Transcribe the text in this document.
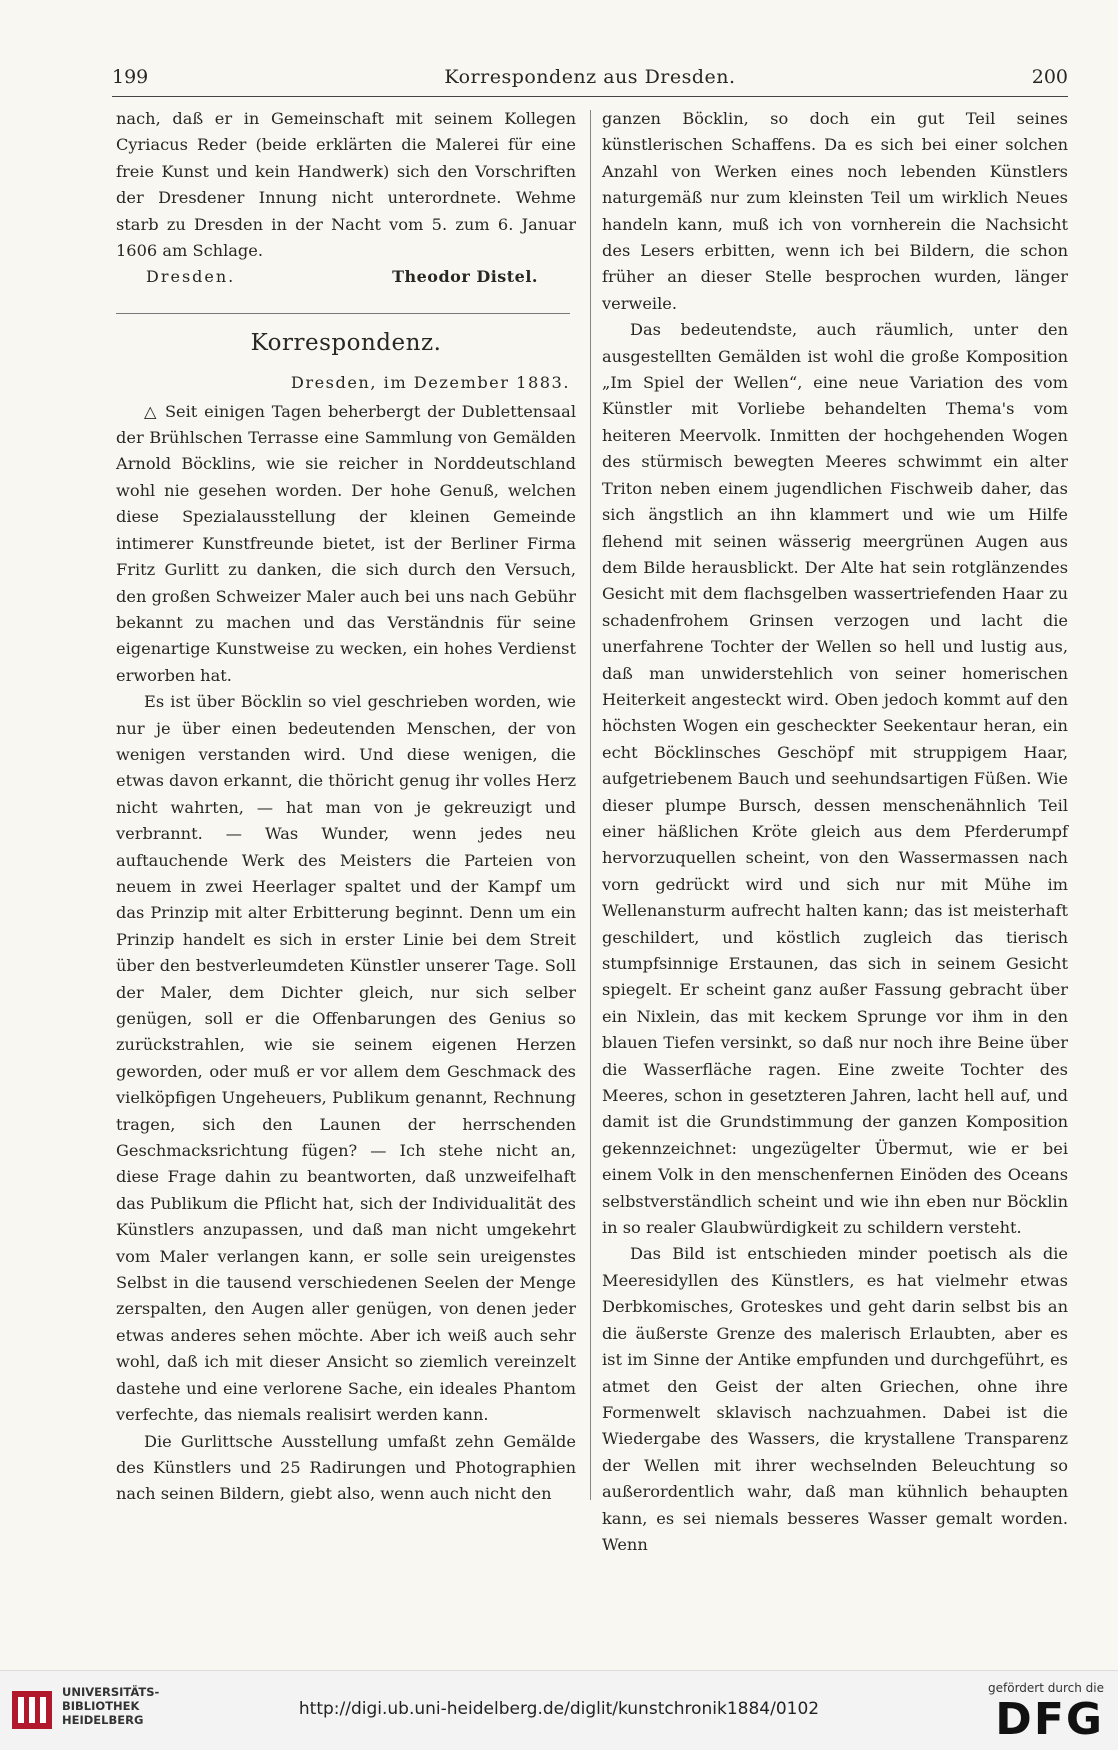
199	Korrespondenz aus Dresden.	200

nach, daß er in Gemeinschaft mit seinem Kollegen Cyriacus Reder (beide erklärten die Malerei für eine freie Kunst und kein Handwerk) sich den Vorschriften der Dresdener Innung nicht unterordnete. Wehme starb zu Dresden in der Nacht vom 5. zum 6. Januar 1606 am Schlage.

Dresden.	Theodor Distel.
Korrespondenz.
Dresden, im Dezember 1883.

△ Seit einigen Tagen beherbergt der Dublettensaal der Brühlschen Terrasse eine Sammlung von Gemälden Arnold Böcklins, wie sie reicher in Norddeutschland wohl nie gesehen worden. Der hohe Genuß, welchen diese Spezialausstellung der kleinen Gemeinde intimerer Kunstfreunde bietet, ist der Berliner Firma Fritz Gurlitt zu danken, die sich durch den Versuch, den großen Schweizer Maler auch bei uns nach Gebühr bekannt zu machen und das Verständnis für seine eigenartige Kunstweise zu wecken, ein hohes Verdienst erworben hat.

Es ist über Böcklin so viel geschrieben worden, wie nur je über einen bedeutenden Menschen, der von wenigen verstanden wird. Und diese wenigen, die etwas davon erkannt, die thöricht genug ihr volles Herz nicht wahrten, — hat man von je gekreuzigt und verbrannt. — Was Wunder, wenn jedes neu auftauchende Werk des Meisters die Parteien von neuem in zwei Heerlager spaltet und der Kampf um das Prinzip mit alter Erbitterung beginnt. Denn um ein Prinzip handelt es sich in erster Linie bei dem Streit über den bestverleumdeten Künstler unserer Tage. Soll der Maler, dem Dichter gleich, nur sich selber genügen, soll er die Offenbarungen des Genius so zurückstrahlen, wie sie seinem eigenen Herzen geworden, oder muß er vor allem dem Geschmack des vielköpfigen Ungeheuers, Publikum genannt, Rechnung tragen, sich den Launen der herrschenden Geschmacksrichtung fügen? — Ich stehe nicht an, diese Frage dahin zu beantworten, daß unzweifelhaft das Publikum die Pflicht hat, sich der Individualität des Künstlers anzupassen, und daß man nicht umgekehrt vom Maler verlangen kann, er solle sein ureigenstes Selbst in die tausend verschiedenen Seelen der Menge zerspalten, den Augen aller genügen, von denen jeder etwas anderes sehen möchte. Aber ich weiß auch sehr wohl, daß ich mit dieser Ansicht so ziemlich vereinzelt dastehe und eine verlorene Sache, ein ideales Phantom verfechte, das niemals realisirt werden kann.

Die Gurlittsche Ausstellung umfaßt zehn Gemälde des Künstlers und 25 Radirungen und Photographien nach seinen Bildern, giebt also, wenn auch nicht den

ganzen Böcklin, so doch ein gut Teil seines künstlerischen Schaffens. Da es sich bei einer solchen Anzahl von Werken eines noch lebenden Künstlers naturgemäß nur zum kleinsten Teil um wirklich Neues handeln kann, muß ich von vornherein die Nachsicht des Lesers erbitten, wenn ich bei Bildern, die schon früher an dieser Stelle besprochen wurden, länger verweile.

Das bedeutendste, auch räumlich, unter den ausgestellten Gemälden ist wohl die große Komposition „Im Spiel der Wellen“, eine neue Variation des vom Künstler mit Vorliebe behandelten Thema's vom heiteren Meervolk. Inmitten der hochgehenden Wogen des stürmisch bewegten Meeres schwimmt ein alter Triton neben einem jugendlichen Fischweib daher, das sich ängstlich an ihn klammert und wie um Hilfe flehend mit seinen wässerig meergrünen Augen aus dem Bilde herausblickt. Der Alte hat sein rotglänzendes Gesicht mit dem flachsgelben wassertriefenden Haar zu schadenfrohem Grinsen verzogen und lacht die unerfahrene Tochter der Wellen so hell und lustig aus, daß man unwiderstehlich von seiner homerischen Heiterkeit angesteckt wird. Oben jedoch kommt auf den höchsten Wogen ein gescheckter Seekentaur heran, ein echt Böcklinsches Geschöpf mit struppigem Haar, aufgetriebenem Bauch und seehundsartigen Füßen. Wie dieser plumpe Bursch, dessen menschenähnlich Teil einer häßlichen Kröte gleich aus dem Pferderumpf hervorzuquellen scheint, von den Wassermassen nach vorn gedrückt wird und sich nur mit Mühe im Wellenansturm aufrecht halten kann; das ist meisterhaft geschildert, und köstlich zugleich das tierisch stumpfsinnige Erstaunen, das sich in seinem Gesicht spiegelt. Er scheint ganz außer Fassung gebracht über ein Nixlein, das mit keckem Sprunge vor ihm in den blauen Tiefen versinkt, so daß nur noch ihre Beine über die Wasserfläche ragen. Eine zweite Tochter des Meeres, schon in gesetzteren Jahren, lacht hell auf, und damit ist die Grundstimmung der ganzen Komposition gekennzeichnet: ungezügelter Übermut, wie er bei einem Volk in den menschenfernen Einöden des Oceans selbstverständlich scheint und wie ihn eben nur Böcklin in so realer Glaubwürdigkeit zu schildern versteht.

Das Bild ist entschieden minder poetisch als die Meeresidyllen des Künstlers, es hat vielmehr etwas Derbkomisches, Groteskes und geht darin selbst bis an die äußerste Grenze des malerisch Erlaubten, aber es ist im Sinne der Antike empfunden und durchgeführt, es atmet den Geist der alten Griechen, ohne ihre Formenwelt sklavisch nachzuahmen. Dabei ist die Wiedergabe des Wassers, die krystallene Transparenz der Wellen mit ihrer wechselnden Beleuchtung so außerordentlich wahr, daß man kühnlich behaupten kann, es sei niemals besseres Wasser gemalt worden. Wenn

UNIVERSITÄTS-
BIBLIOTHEK
HEIDELBERG
http://digi.ub.uni-heidelberg.de/diglit/kunstchronik1884/0102
gefördert durch die
DFG
